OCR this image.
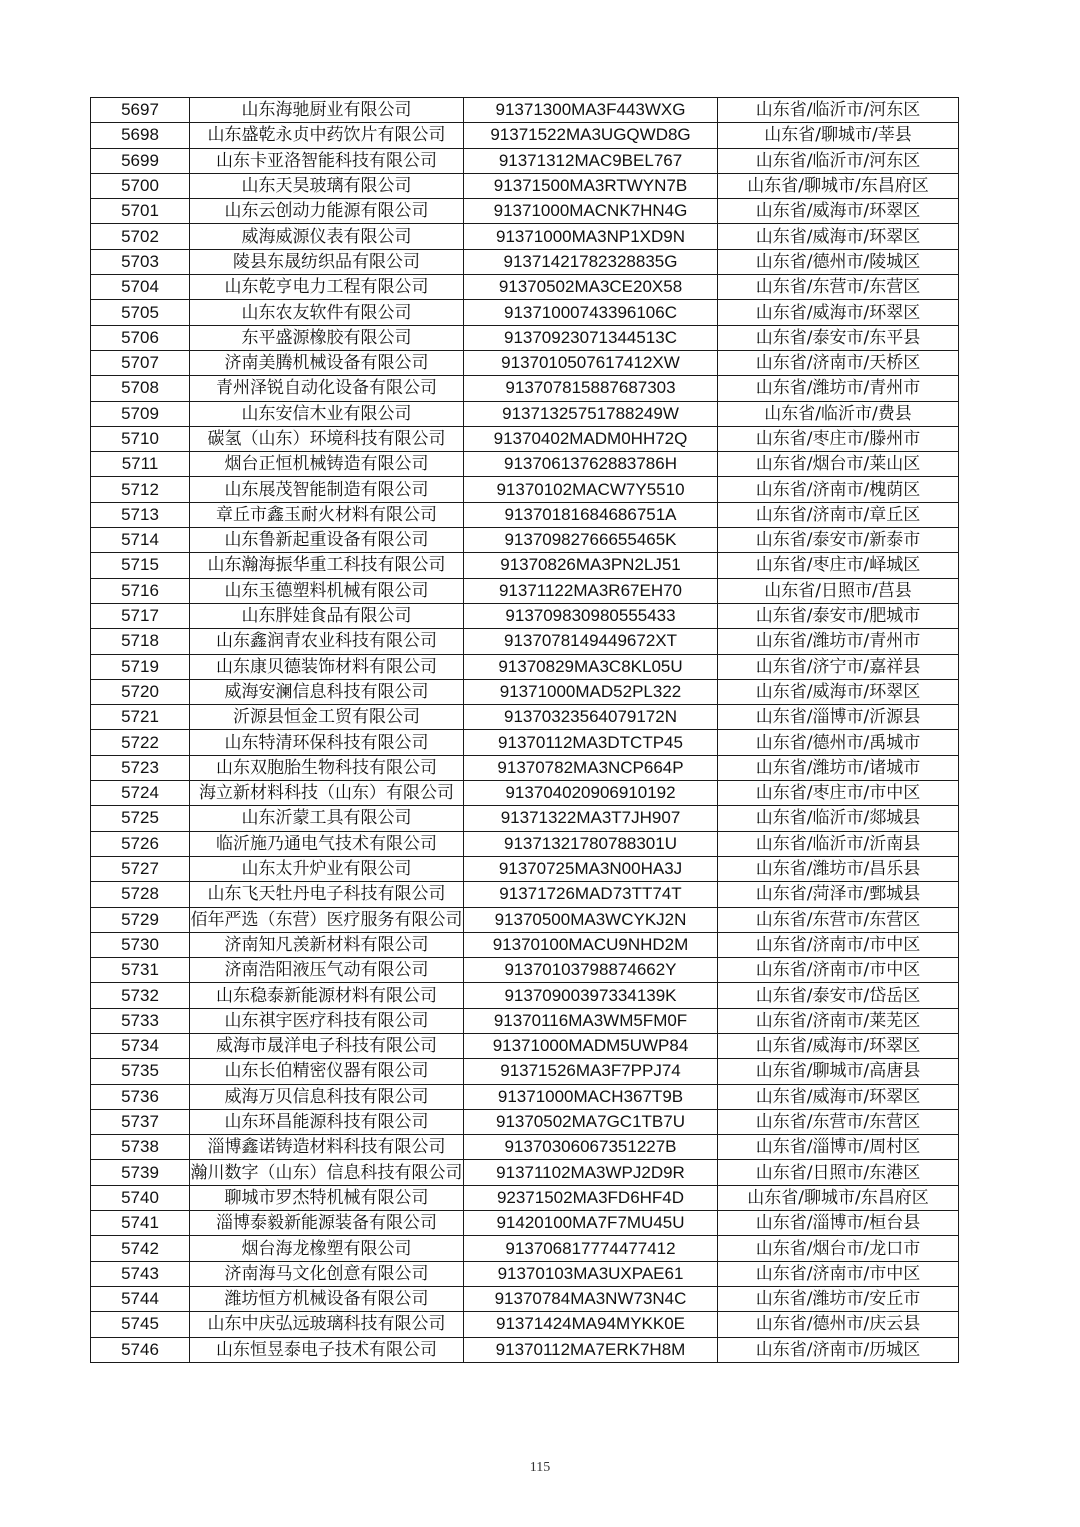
5697	山东海驰厨业有限公司	91371300MA3F443WXG	山东省/临沂市/河东区
5698	山东盛乾永贞中药饮片有限公司	91371522MA3UGQWD8G	山东省/聊城市/莘县
5699	山东卡亚洛智能科技有限公司	91371312MAC9BEL767	山东省/临沂市/河东区
5700	山东天昊玻璃有限公司	91371500MA3RTWYN7B	山东省/聊城市/东昌府区
5701	山东云创动力能源有限公司	91371000MACNK7HN4G	山东省/威海市/环翠区
5702	威海威源仪表有限公司	91371000MA3NP1XD9N	山东省/威海市/环翠区
5703	陵县东晟纺织品有限公司	91371421782328835G	山东省/德州市/陵城区
5704	山东乾亨电力工程有限公司	91370502MA3CE20X58	山东省/东营市/东营区
5705	山东农友软件有限公司	91371000743396106C	山东省/威海市/环翠区
5706	东平盛源橡胶有限公司	91370923071344513C	山东省/泰安市/东平县
5707	济南美腾机械设备有限公司	9137010507617412XW	山东省/济南市/天桥区
5708	青州泽锐自动化设备有限公司	913707815887687303	山东省/潍坊市/青州市
5709	山东安信木业有限公司	91371325751788249W	山东省/临沂市/费县
5710	碳氢（山东）环境科技有限公司	91370402MADM0HH72Q	山东省/枣庄市/滕州市
5711	烟台正恒机械铸造有限公司	91370613762883786H	山东省/烟台市/莱山区
5712	山东展茂智能制造有限公司	91370102MACW7Y5510	山东省/济南市/槐荫区
5713	章丘市鑫玉耐火材料有限公司	91370181684686751A	山东省/济南市/章丘区
5714	山东鲁新起重设备有限公司	91370982766655465K	山东省/泰安市/新泰市
5715	山东瀚海振华重工科技有限公司	91370826MA3PN2LJ51	山东省/枣庄市/峄城区
5716	山东玉德塑料机械有限公司	91371122MA3R67EH70	山东省/日照市/莒县
5717	山东胖娃食品有限公司	913709830980555433	山东省/泰安市/肥城市
5718	山东鑫润青农业科技有限公司	9137078149449672XT	山东省/潍坊市/青州市
5719	山东康贝德装饰材料有限公司	91370829MA3C8KL05U	山东省/济宁市/嘉祥县
5720	威海安澜信息科技有限公司	91371000MAD52PL322	山东省/威海市/环翠区
5721	沂源县恒金工贸有限公司	91370323564079172N	山东省/淄博市/沂源县
5722	山东特清环保科技有限公司	91370112MA3DTCTP45	山东省/德州市/禹城市
5723	山东双胞胎生物科技有限公司	91370782MA3NCP664P	山东省/潍坊市/诸城市
5724	海立新材料科技（山东）有限公司	913704020906910192	山东省/枣庄市/市中区
5725	山东沂蒙工具有限公司	91371322MA3T7JH907	山东省/临沂市/郯城县
5726	临沂施乃通电气技术有限公司	91371321780788301U	山东省/临沂市/沂南县
5727	山东太升炉业有限公司	91370725MA3N00HA3J	山东省/潍坊市/昌乐县
5728	山东飞天牡丹电子科技有限公司	91371726MAD73TT74T	山东省/菏泽市/鄄城县
5729	佰年严选（东营）医疗服务有限公司	91370500MA3WCYKJ2N	山东省/东营市/东营区
5730	济南知凡羡新材料有限公司	91370100MACU9NHD2M	山东省/济南市/市中区
5731	济南浩阳液压气动有限公司	91370103798874662Y	山东省/济南市/市中区
5732	山东稳泰新能源材料有限公司	91370900397334139K	山东省/泰安市/岱岳区
5733	山东祺宇医疗科技有限公司	91370116MA3WM5FM0F	山东省/济南市/莱芜区
5734	威海市晟洋电子科技有限公司	91371000MADM5UWP84	山东省/威海市/环翠区
5735	山东长伯精密仪器有限公司	91371526MA3F7PPJ74	山东省/聊城市/高唐县
5736	威海万贝信息科技有限公司	91371000MACH367T9B	山东省/威海市/环翠区
5737	山东环昌能源科技有限公司	91370502MA7GC1TB7U	山东省/东营市/东营区
5738	淄博鑫诺铸造材料科技有限公司	91370306067351227B	山东省/淄博市/周村区
5739	瀚川数字（山东）信息科技有限公司	91371102MA3WPJ2D9R	山东省/日照市/东港区
5740	聊城市罗杰特机械有限公司	92371502MA3FD6HF4D	山东省/聊城市/东昌府区
5741	淄博泰毅新能源装备有限公司	91420100MA7F7MU45U	山东省/淄博市/桓台县
5742	烟台海龙橡塑有限公司	913706817774477412	山东省/烟台市/龙口市
5743	济南海马文化创意有限公司	91370103MA3UXPAE61	山东省/济南市/市中区
5744	潍坊恒方机械设备有限公司	91370784MA3NW73N4C	山东省/潍坊市/安丘市
5745	山东中庆弘远玻璃科技有限公司	91371424MA94MYKK0E	山东省/德州市/庆云县
5746	山东恒昱泰电子技术有限公司	91370112MA7ERK7H8M	山东省/济南市/历城区
115
